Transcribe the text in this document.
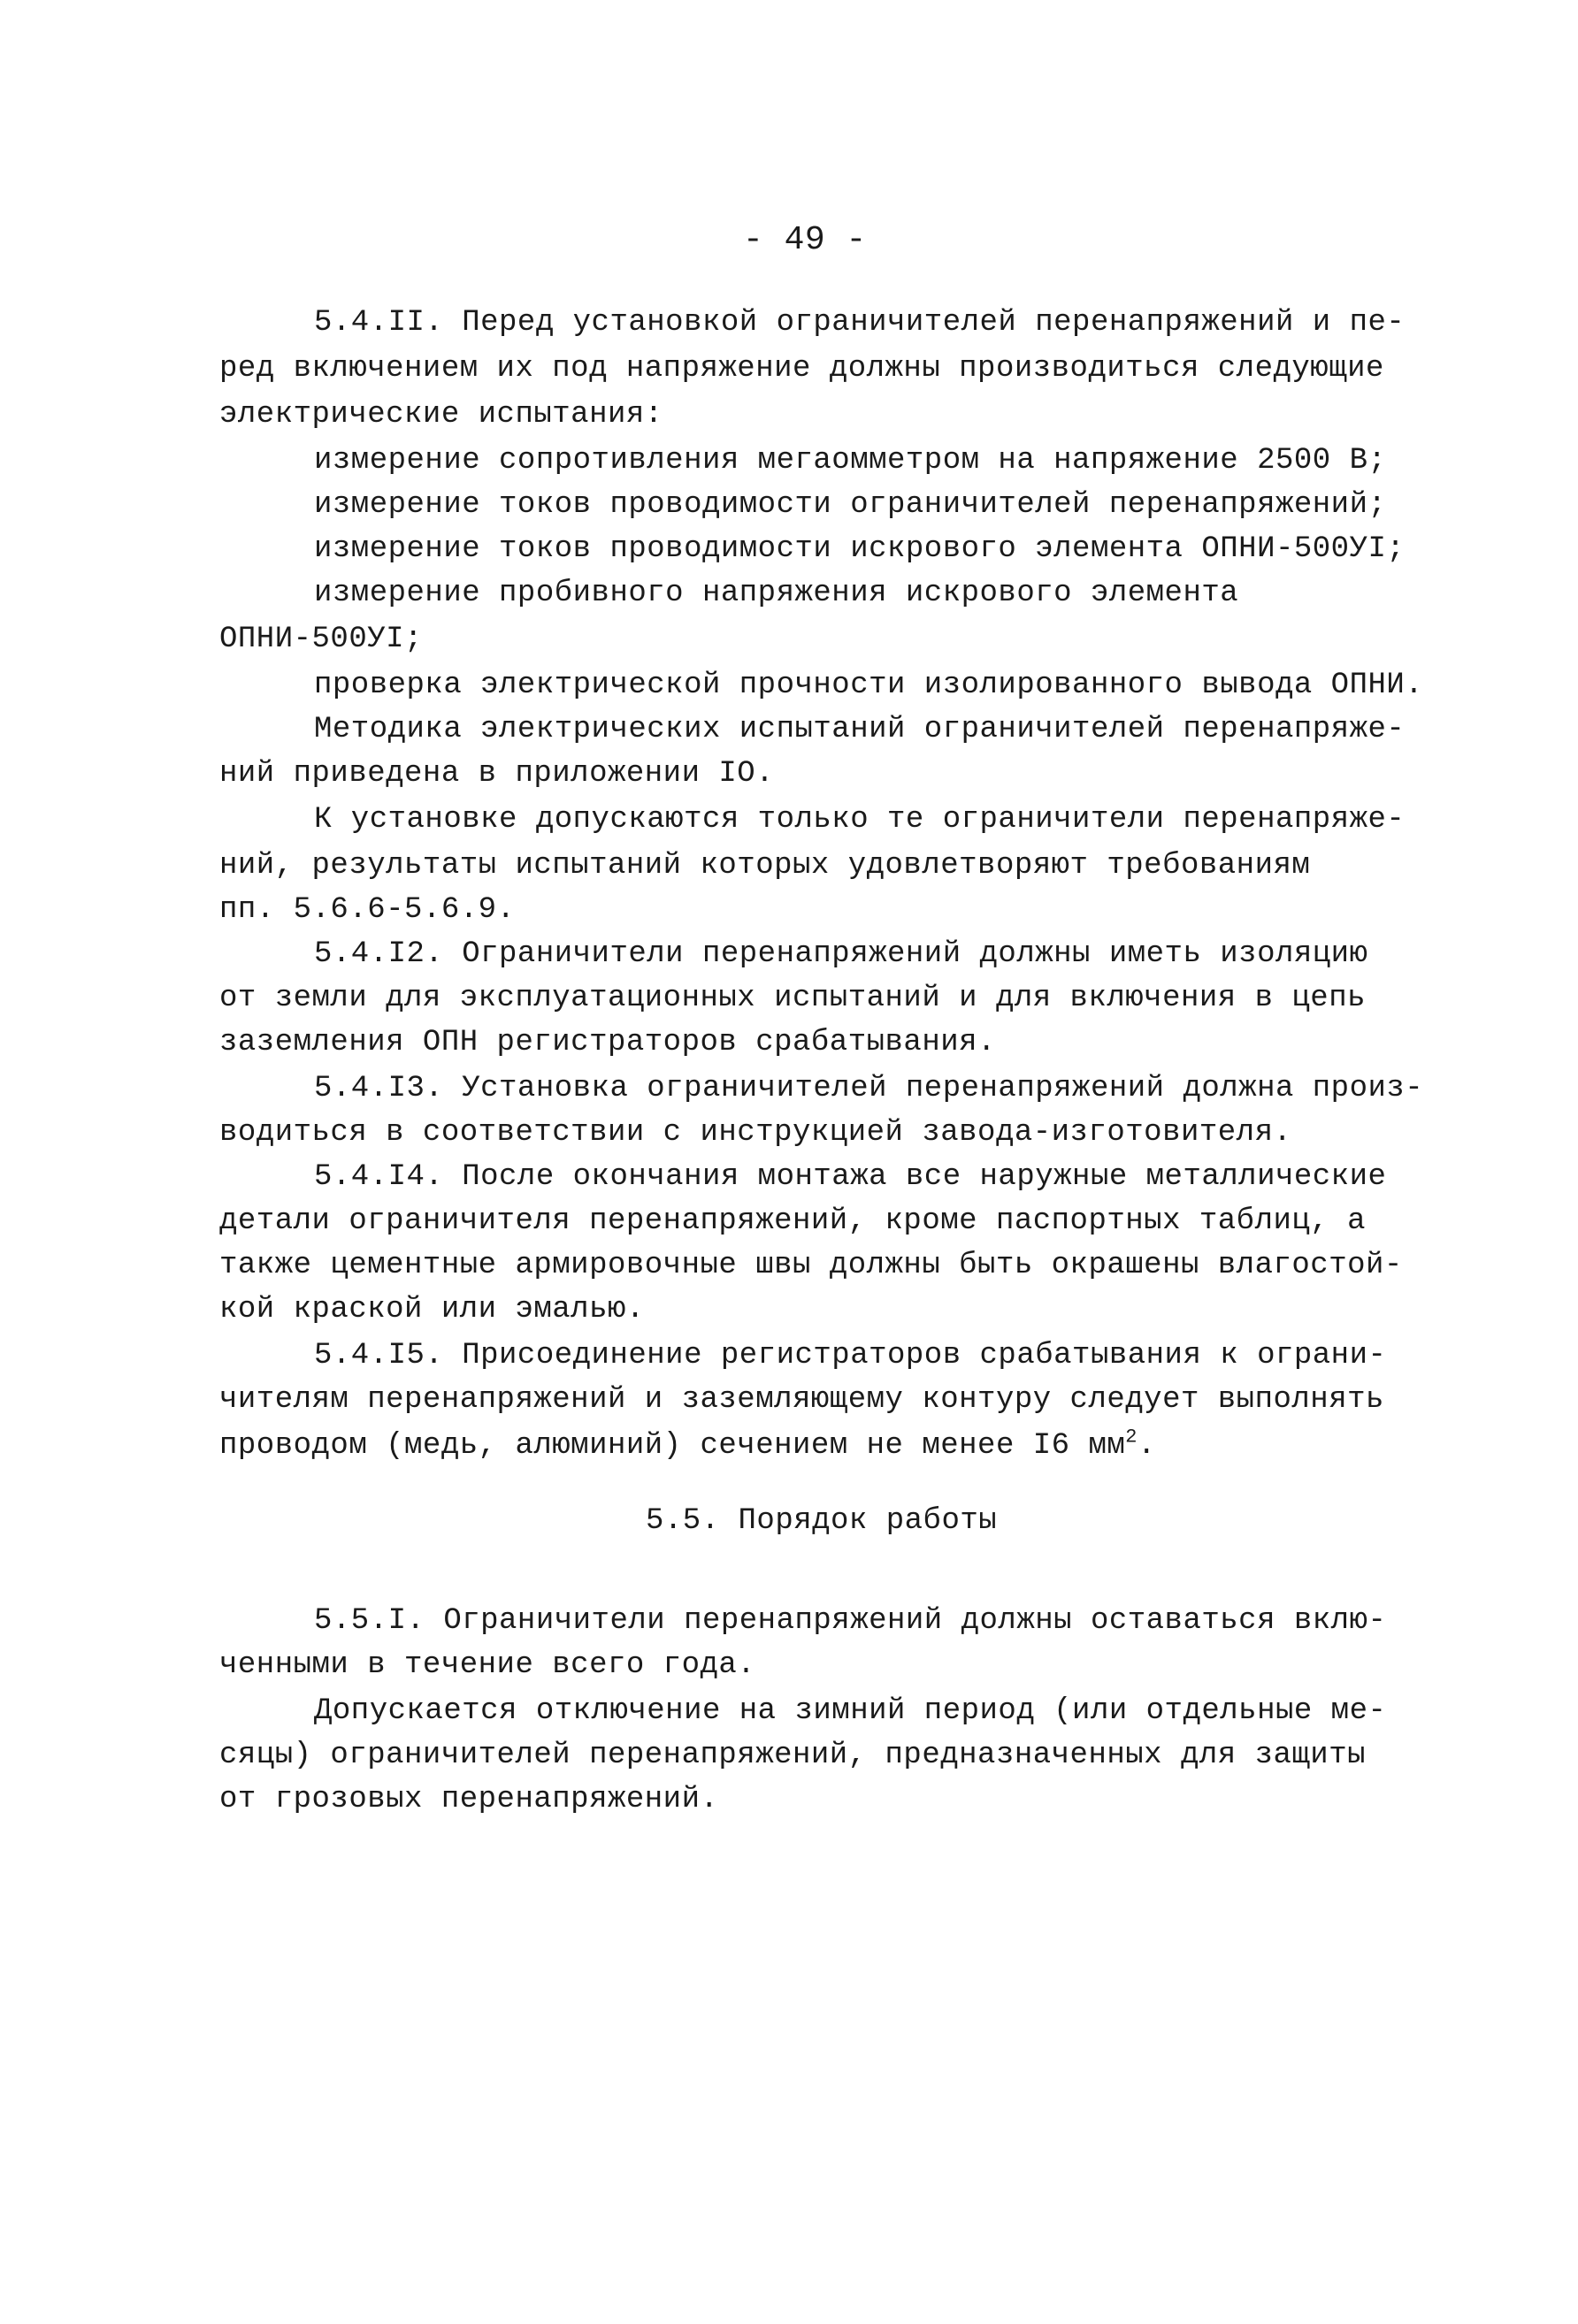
- 49 -
5.4.II. Перед установкой ограничителей перенапряжений и пе-
ред включением их под напряжение должны производиться следующие
электрические испытания:
измерение сопротивления мегаомметром на напряжение 2500 В;
измерение токов проводимости ограничителей перенапряжений;
измерение токов проводимости искрового элемента ОПНИ-500УI;
измерение пробивного напряжения искрового элемента
ОПНИ-500УI;
проверка электрической прочности изолированного вывода ОПНИ.
Методика электрических испытаний ограничителей перенапряже-
ний приведена в приложении IO.
К установке допускаются только те ограничители перенапряже-
ний, результаты испытаний которых удовлетворяют требованиям
пп. 5.6.6-5.6.9.
5.4.I2. Ограничители перенапряжений должны иметь изоляцию
от земли для эксплуатационных испытаний и для включения в цепь
заземления ОПН регистраторов срабатывания.
5.4.I3. Установка ограничителей перенапряжений должна произ-
водиться в соответствии с инструкцией завода-изготовителя.
5.4.I4. После окончания монтажа все наружные металлические
детали ограничителя перенапряжений, кроме паспортных таблиц, а
также цементные армировочные швы должны быть окрашены влагостой-
кой краской или эмалью.
5.4.I5. Присоединение регистраторов срабатывания к ограни-
чителям перенапряжений и заземляющему контуру следует выполнять
проводом (медь, алюминий) сечением не менее I6 $мм^2$.
5.5. Порядок работы
5.5.I. Ограничители перенапряжений должны оставаться вклю-
ченными в течение всего года.
Допускается отключение на зимний период (или отдельные ме-
сяцы) ограничителей перенапряжений, предназначенных для защиты
от грозовых перенапряжений.
